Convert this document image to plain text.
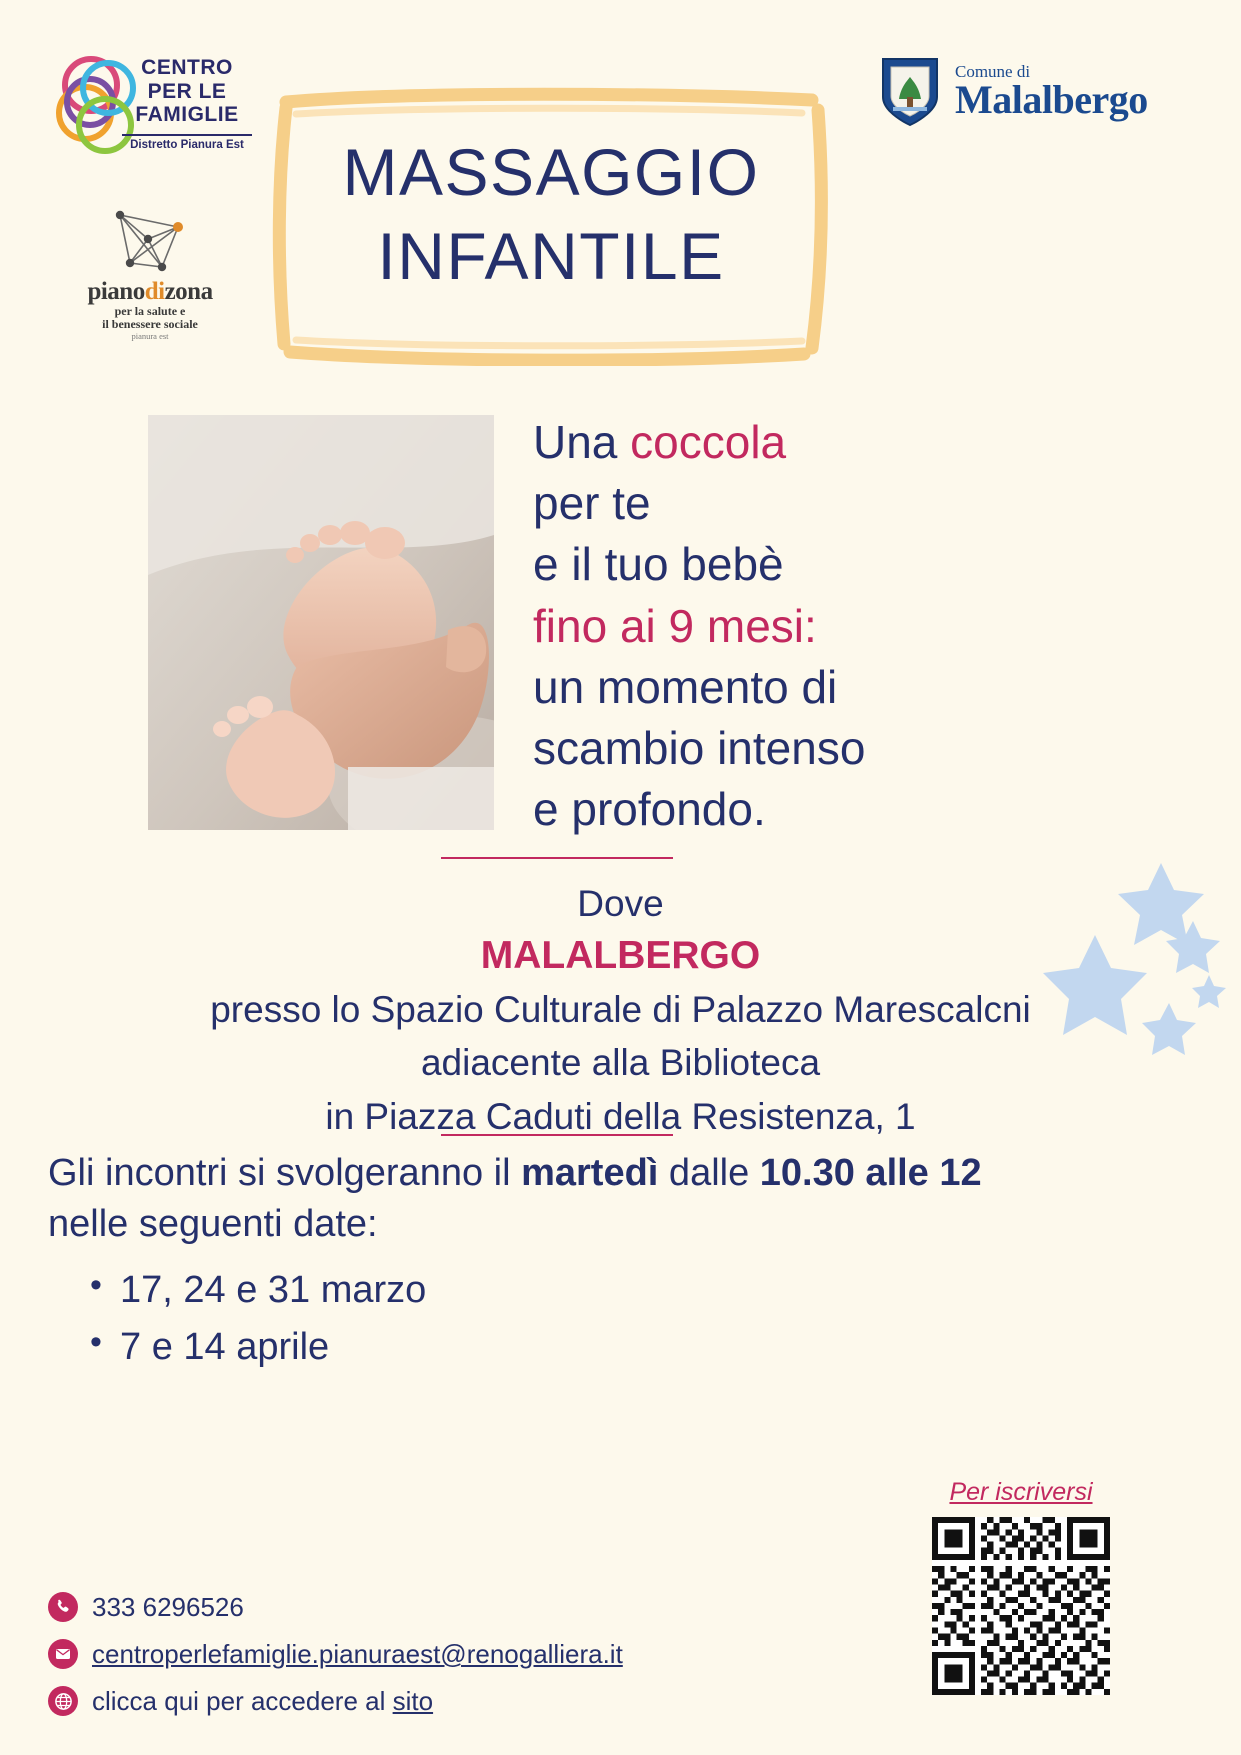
CENTRO
PER LE
FAMIGLIE
Distretto Pianura Est
pianodizona
per la salute e
il benessere sociale
pianura est
Comune di
Malalbergo
MASSAGGIO
INFANTILE
Una coccola
per te
e il tuo bebè
fino ai 9 mesi:
un momento di
scambio intenso
e profondo.
Dove
MALALBERGO
presso lo Spazio Culturale di Palazzo Marescalcni
adiacente alla Biblioteca
in Piazza Caduti della Resistenza, 1
Gli incontri si svolgeranno il martedì dalle 10.30 alle 12
nelle seguenti date:
• 17, 24 e 31 marzo
• 7 e 14 aprile
333 6296526
centroperlefamiglie.pianuraest@renogalliera.it
clicca qui per accedere al sito
Per iscriversi
